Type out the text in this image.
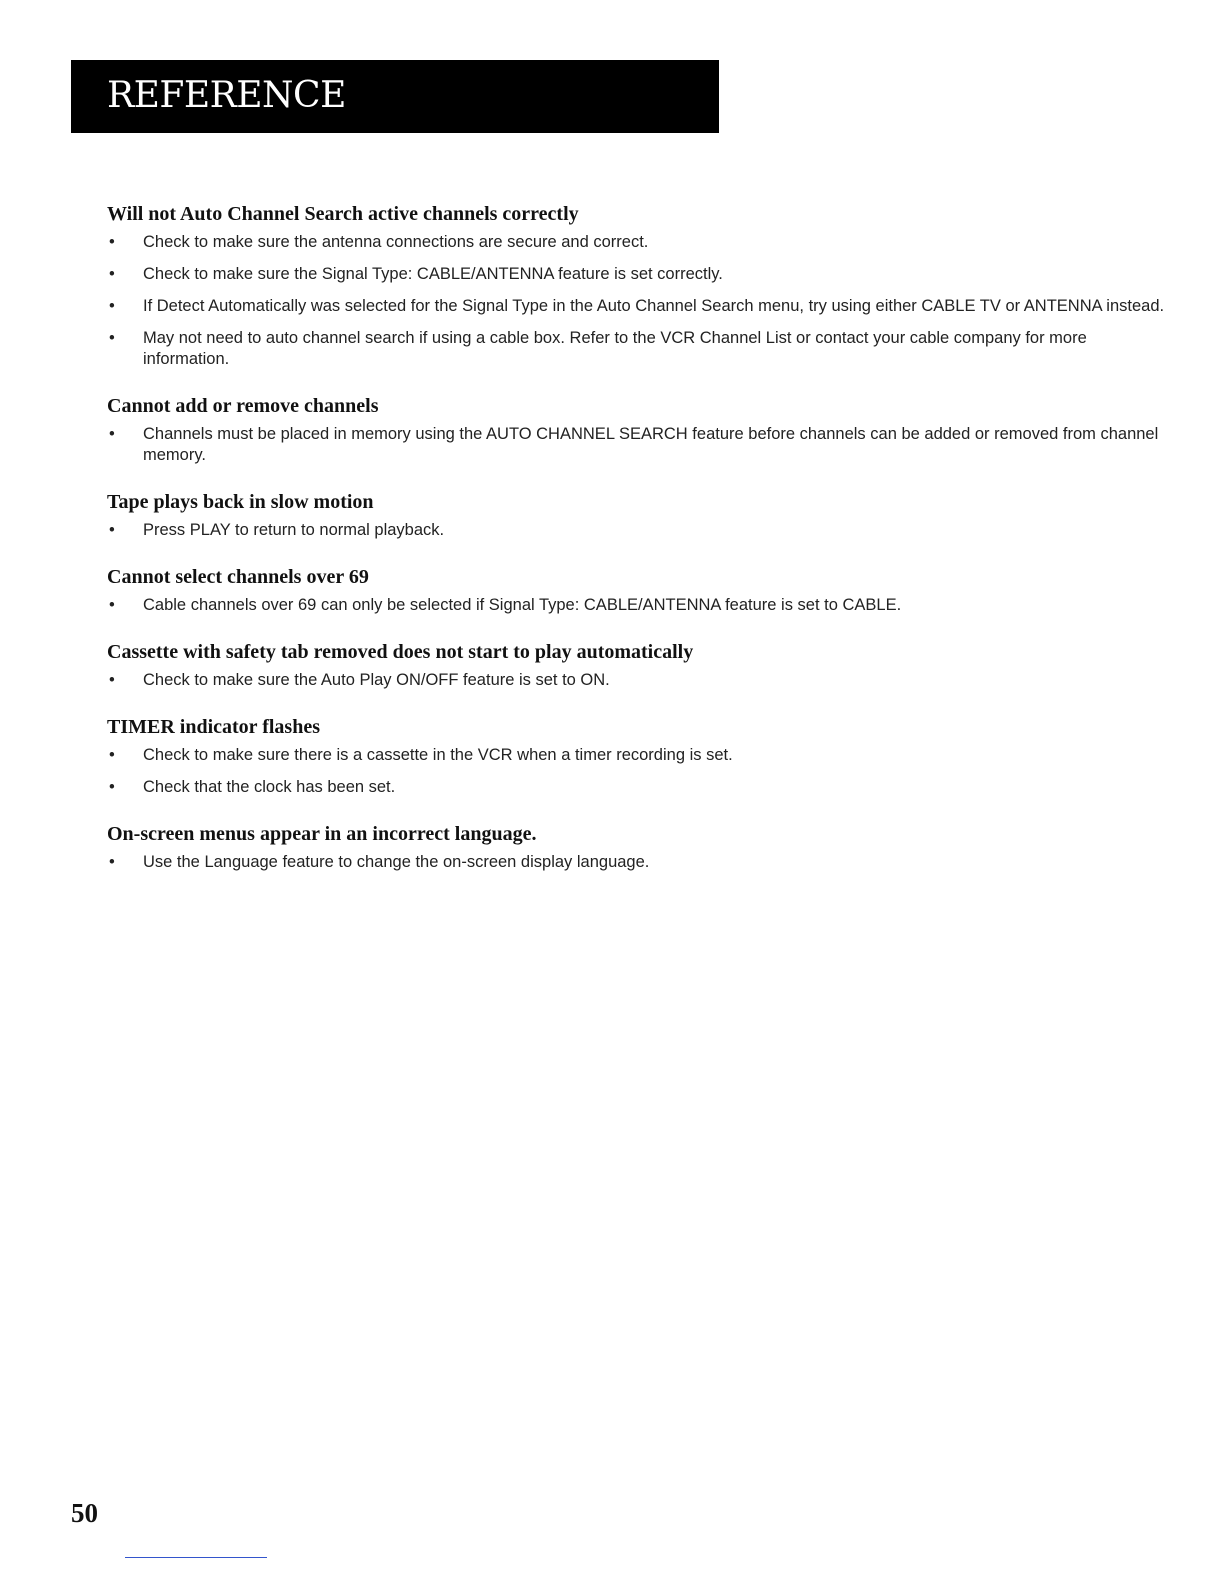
REFERENCE
Will not Auto Channel Search active channels correctly
• Check to make sure the antenna connections are secure and correct.
• Check to make sure the Signal Type: CABLE/ANTENNA feature is set correctly.
• If Detect Automatically was selected for the Signal Type in the Auto Channel Search menu, try using either CABLE TV or ANTENNA instead.
• May not need to auto channel search if using a cable box. Refer to the VCR Channel List or contact your cable company for more information.
Cannot add or remove channels
• Channels must be placed in memory using the AUTO CHANNEL SEARCH feature before channels can be added or removed from channel memory.
Tape plays back in slow motion
• Press PLAY to return to normal playback.
Cannot select channels over 69
• Cable channels over 69 can only be selected if Signal Type: CABLE/ANTENNA feature is set to CABLE.
Cassette with safety tab removed does not start to play automatically
• Check to make sure the Auto Play ON/OFF feature is set to ON.
TIMER indicator flashes
• Check to make sure there is a cassette in the VCR when a timer recording is set.
• Check that the clock has been set.
On-screen menus appear in an incorrect language.
• Use the Language feature to change the on-screen display language.
50
